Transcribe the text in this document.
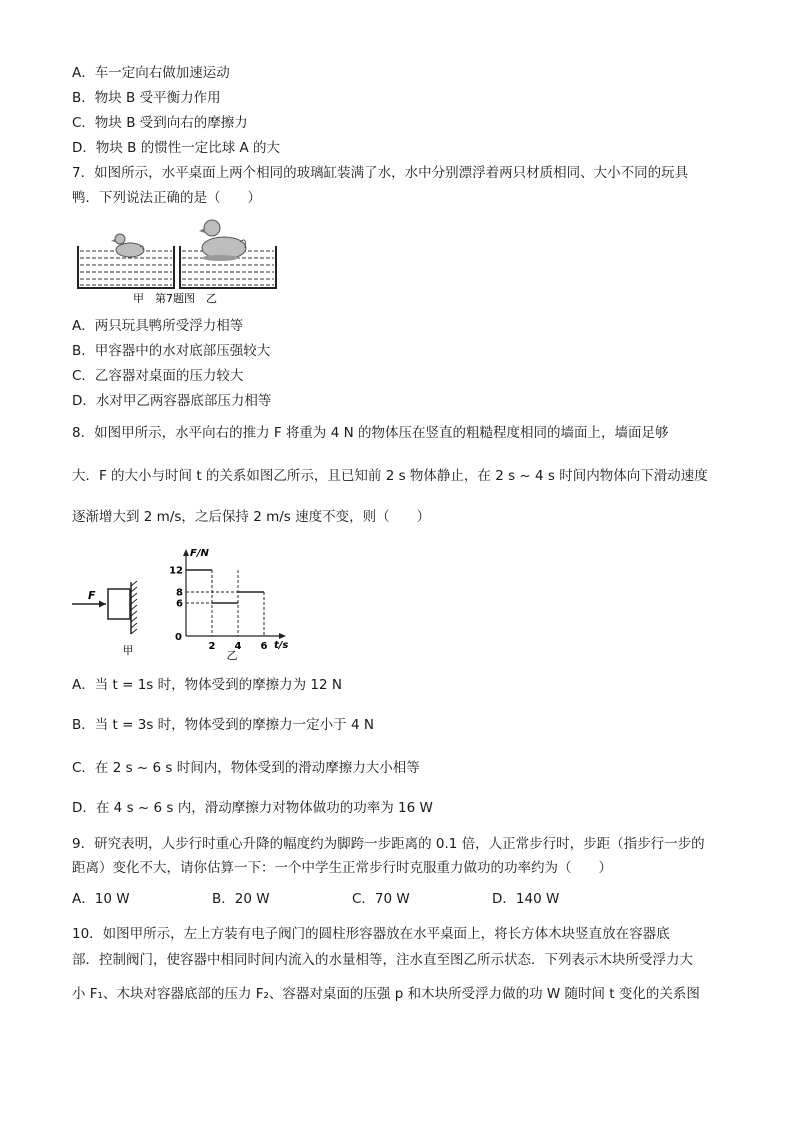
A．车一定向右做加速运动
B．物块 B 受平衡力作用
C．物块 B 受到向右的摩擦力
D．物块 B 的惯性一定比球 A 的大
7．如图所示，水平桌面上两个相同的玻璃缸装满了水，水中分别漂浮着两只材质相同、大小不同的玩具
鸭．下列说法正确的是（　　）
甲　第7题图　乙
A．两只玩具鸭所受浮力相等
B．甲容器中的水对底部压强较大
C．乙容器对桌面的压力较大
D．水对甲乙两容器底部压力相等
8．如图甲所示，水平向右的推力 F 将重为 4 N 的物体压在竖直的粗糙程度相同的墙面上，墙面足够
大．F 的大小与时间 t 的关系如图乙所示，且已知前 2 s 物体静止，在 2 s ~ 4 s 时间内物体向下滑动速度
逐渐增大到 2 m/s，之后保持 2 m/s 速度不变，则（　　）
F
甲
F/N
t/s
0
12
8
6
2 4 6
乙
A．当 t = 1s 时，物体受到的摩擦力为 12 N
B．当 t = 3s 时，物体受到的摩擦力一定小于 4 N
C．在 2 s ~ 6 s 时间内，物体受到的滑动摩擦力大小相等
D．在 4 s ~ 6 s 内，滑动摩擦力对物体做功的功率为 16 W
9．研究表明，人步行时重心升降的幅度约为脚跨一步距离的 0.1 倍，人正常步行时，步距（指步行一步的
距离）变化不大，请你估算一下：一个中学生正常步行时克服重力做功的功率约为（　　）
A．10 W	B．20 W	C．70 W	D．140 W
10．如图甲所示，左上方装有电子阀门的圆柱形容器放在水平桌面上，将长方体木块竖直放在容器底
部．控制阀门，使容器中相同时间内流入的水量相等，注水直至图乙所示状态．下列表示木块所受浮力大
小 F₁、木块对容器底部的压力 F₂、容器对桌面的压强 p 和木块所受浮力做的功 W 随时间 t 变化的关系图
